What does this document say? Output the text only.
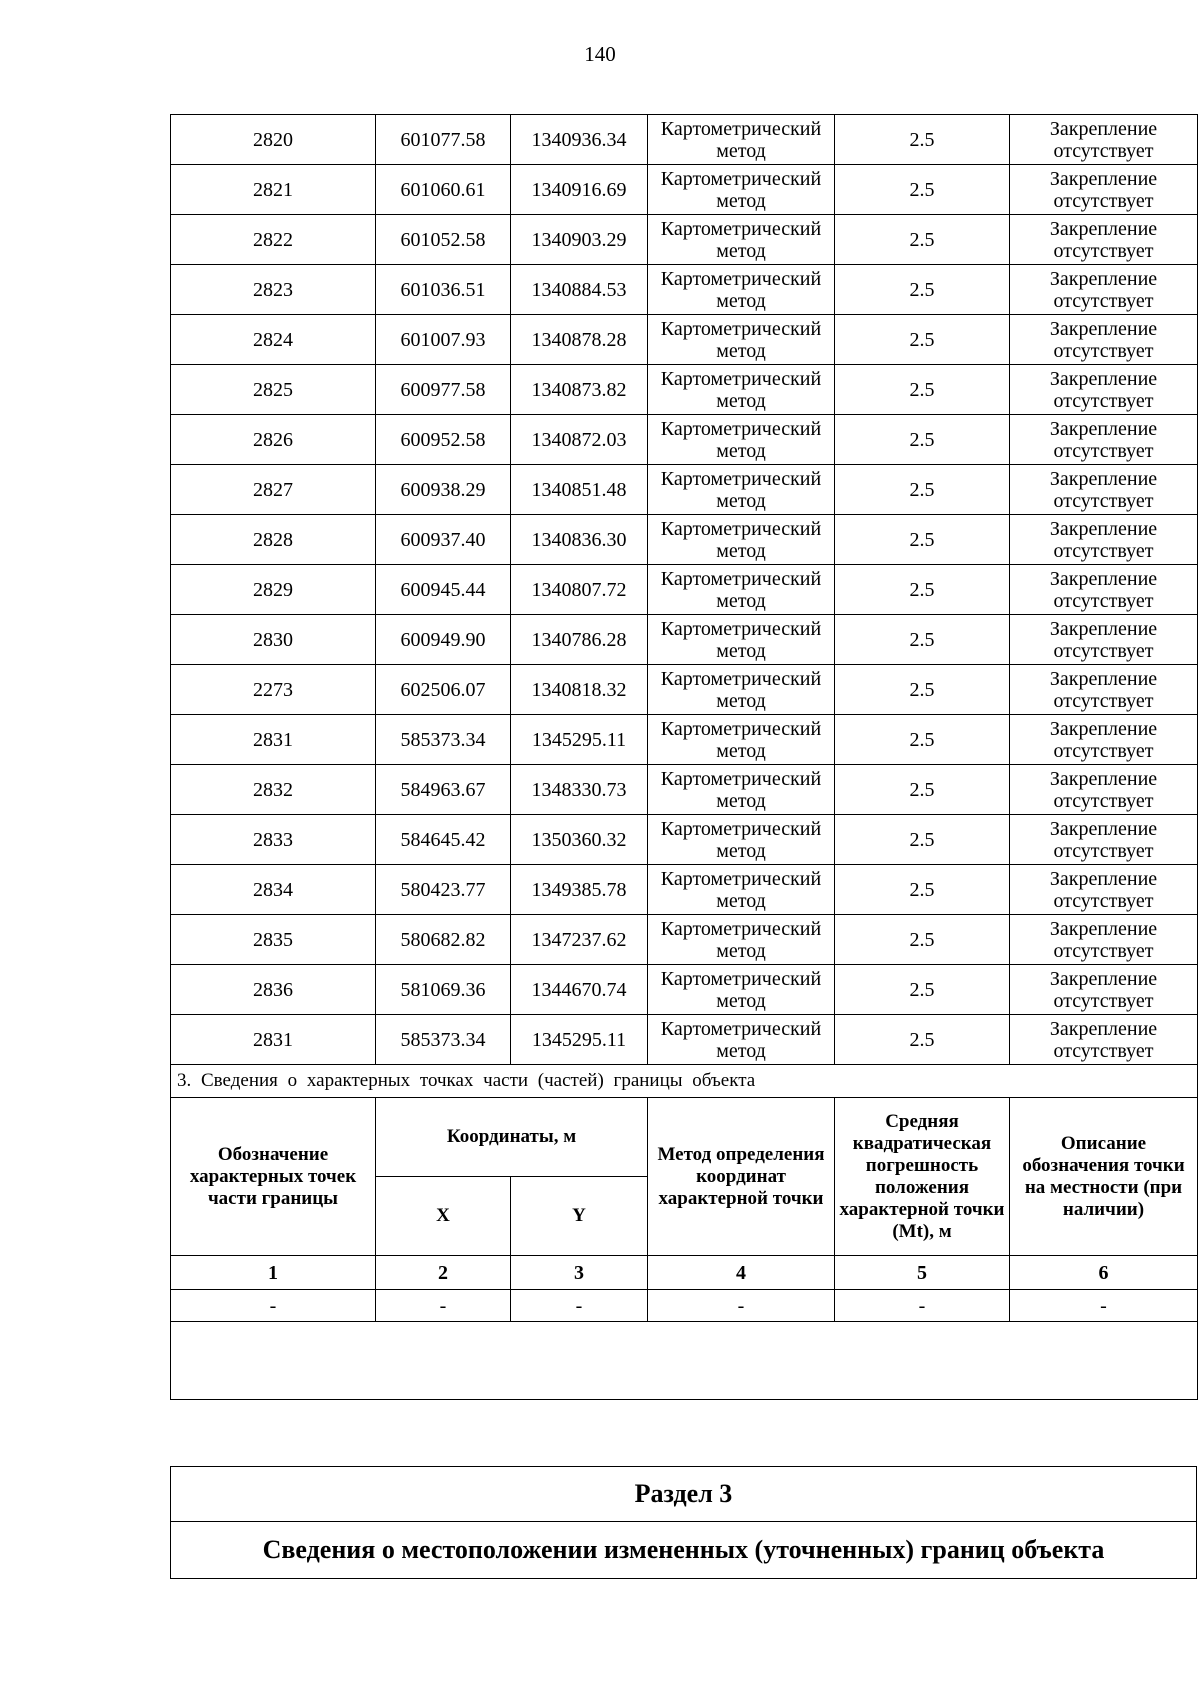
140
2820	601077.58	1340936.34	Картометрический метод	2.5	Закрепление отсутствует
2821	601060.61	1340916.69	Картометрический метод	2.5	Закрепление отсутствует
2822	601052.58	1340903.29	Картометрический метод	2.5	Закрепление отсутствует
2823	601036.51	1340884.53	Картометрический метод	2.5	Закрепление отсутствует
2824	601007.93	1340878.28	Картометрический метод	2.5	Закрепление отсутствует
2825	600977.58	1340873.82	Картометрический метод	2.5	Закрепление отсутствует
2826	600952.58	1340872.03	Картометрический метод	2.5	Закрепление отсутствует
2827	600938.29	1340851.48	Картометрический метод	2.5	Закрепление отсутствует
2828	600937.40	1340836.30	Картометрический метод	2.5	Закрепление отсутствует
2829	600945.44	1340807.72	Картометрический метод	2.5	Закрепление отсутствует
2830	600949.90	1340786.28	Картометрический метод	2.5	Закрепление отсутствует
2273	602506.07	1340818.32	Картометрический метод	2.5	Закрепление отсутствует
2831	585373.34	1345295.11	Картометрический метод	2.5	Закрепление отсутствует
2832	584963.67	1348330.73	Картометрический метод	2.5	Закрепление отсутствует
2833	584645.42	1350360.32	Картометрический метод	2.5	Закрепление отсутствует
2834	580423.77	1349385.78	Картометрический метод	2.5	Закрепление отсутствует
2835	580682.82	1347237.62	Картометрический метод	2.5	Закрепление отсутствует
2836	581069.36	1344670.74	Картометрический метод	2.5	Закрепление отсутствует
2831	585373.34	1345295.11	Картометрический метод	2.5	Закрепление отсутствует
3. Сведения о характерных точках части (частей) границы объекта					
Обозначение характерных точек части границы	Координаты, м		Метод определения координат характерной точки	Средняя квадратическая погрешность положения характерной точки (Mt), м	Описание обозначения точки на местности (при наличии)
	X	Y			
1	2	3	4	5	6
-	-	-	-	-	-

Раздел 3
Сведения о местоположении измененных (уточненных) границ объекта
